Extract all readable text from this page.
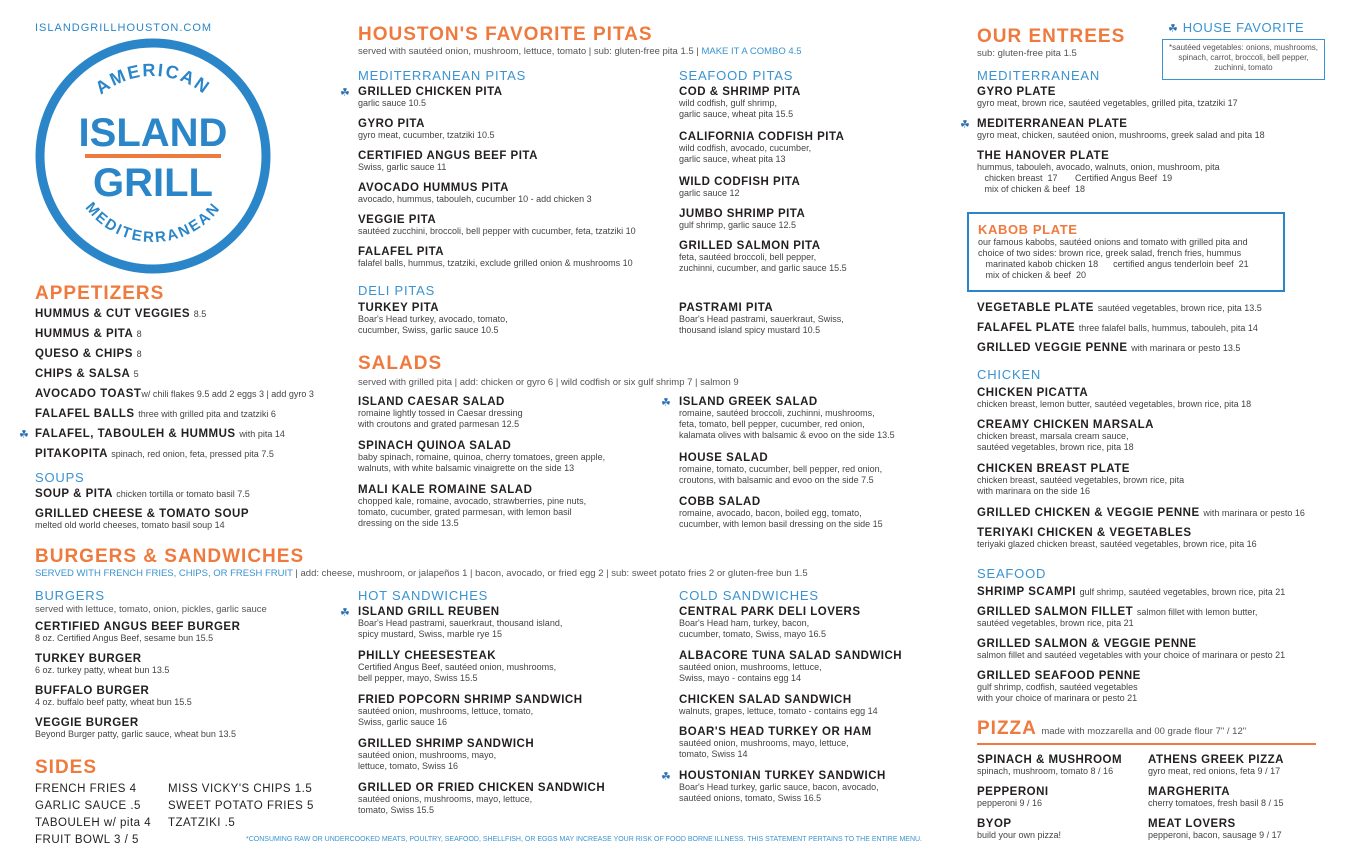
ISLANDGRILLHOUSTON.COM
AMERICAN
MEDITERRANEAN
ISLAND
GRILL
APPETIZERS
HUMMUS & CUT VEGGIES 8.5
HUMMUS & PITA 8
QUESO & CHIPS 8
CHIPS & SALSA 5
AVOCADO TOASTw/ chili flakes 9.5 add 2 eggs 3 | add gyro 3
FALAFEL BALLS three with grilled pita and tzatziki 6
FALAFEL, TABOULEH & HUMMUS with pita 14
PITAKOPITA spinach, red onion, feta, pressed pita 7.5
☘
SOUPS
SOUP & PITA chicken tortilla or tomato basil 7.5
GRILLED CHEESE & TOMATO SOUP
melted old world cheeses, tomato basil soup 14
BURGERS & SANDWICHES
SERVED WITH FRENCH FRIES, CHIPS, OR FRESH FRUIT | add: cheese, mushroom, or jalapeños 1 | bacon, avocado, or fried egg 2 | sub: sweet potato fries 2 or gluten-free bun 1.5
BURGERS
served with lettuce, tomato, onion, pickles, garlic sauce
CERTIFIED ANGUS BEEF BURGER
8 oz. Certified Angus Beef, sesame bun 15.5
TURKEY BURGER
6 oz. turkey patty, wheat bun 13.5
BUFFALO BURGER
4 oz. buffalo beef patty, wheat bun 15.5
VEGGIE BURGER
Beyond Burger patty, garlic sauce, wheat bun 13.5
SIDES
FRENCH FRIES 4
GARLIC SAUCE .5
TABOULEH w/ pita 4
FRUIT BOWL 3 / 5
MISS VICKY'S CHIPS 1.5
SWEET POTATO FRIES 5
TZATZIKI .5
HOUSTON'S FAVORITE PITAS
served with sautéed onion, mushroom, lettuce, tomato | sub: gluten-free pita 1.5 | MAKE IT A COMBO 4.5
MEDITERRANEAN PITAS
GRILLED CHICKEN PITA
garlic sauce 10.5
GYRO PITA
gyro meat, cucumber, tzatziki 10.5
CERTIFIED ANGUS BEEF PITA
Swiss, garlic sauce 11
AVOCADO HUMMUS PITA
avocado, hummus, tabouleh, cucumber 10 - add chicken 3
VEGGIE PITA
sautéed zucchini, broccoli, bell pepper with cucumber, feta, tzatziki 10
FALAFEL PITA
falafel balls, hummus, tzatziki, exclude grilled onion & mushrooms 10
☘
SEAFOOD PITAS
COD & SHRIMP PITA
wild codfish, gulf shrimp,
garlic sauce, wheat pita 15.5
CALIFORNIA CODFISH PITA
wild codfish, avocado, cucumber,
garlic sauce, wheat pita 13
WILD CODFISH PITA
garlic sauce 12
JUMBO SHRIMP PITA
gulf shrimp, garlic sauce 12.5
GRILLED SALMON PITA
feta, sautéed broccoli, bell pepper,
zuchinni, cucumber, and garlic sauce 15.5
DELI PITAS
TURKEY PITA
Boar's Head turkey, avocado, tomato,
cucumber, Swiss, garlic sauce 10.5
PASTRAMI PITA
Boar's Head pastrami, sauerkraut, Swiss,
thousand island spicy mustard 10.5
SALADS
served with grilled pita | add: chicken or gyro 6 | wild codfish or six gulf shrimp 7 | salmon 9
ISLAND CAESAR SALAD
romaine lightly tossed in Caesar dressing
with croutons and grated parmesan 12.5
SPINACH QUINOA SALAD
baby spinach, romaine, quinoa, cherry tomatoes, green apple,
walnuts, with white balsamic vinaigrette on the side 13
MALI KALE ROMAINE SALAD
chopped kale, romaine, avocado, strawberries, pine nuts,
tomato, cucumber, grated parmesan, with lemon basil
dressing on the side 13.5
ISLAND GREEK SALAD
romaine, sautéed broccoli, zuchinni, mushrooms,
feta, tomato, bell pepper, cucumber, red onion,
kalamata olives with balsamic & evoo on the side 13.5
HOUSE SALAD
romaine, tomato, cucumber, bell pepper, red onion,
croutons, with balsamic and evoo on the side 7.5
COBB SALAD
romaine, avocado, bacon, boiled egg, tomato,
cucumber, with lemon basil dressing on the side 15
☘
HOT SANDWICHES
ISLAND GRILL REUBEN
Boar's Head pastrami, sauerkraut, thousand island,
spicy mustard, Swiss, marble rye 15
PHILLY CHEESESTEAK
Certified Angus Beef, sautéed onion, mushrooms,
bell pepper, mayo, Swiss 15.5
FRIED POPCORN SHRIMP SANDWICH
sautéed onion, mushrooms, lettuce, tomato,
Swiss, garlic sauce 16
GRILLED SHRIMP SANDWICH
sautéed onion, mushrooms, mayo,
lettuce, tomato, Swiss 16
GRILLED OR FRIED CHICKEN SANDWICH
sautéed onions, mushrooms, mayo, lettuce,
tomato, Swiss 15.5
☘
COLD SANDWICHES
CENTRAL PARK DELI LOVERS
Boar's Head ham, turkey, bacon,
cucumber, tomato, Swiss, mayo 16.5
ALBACORE TUNA SALAD SANDWICH
sautéed onion, mushrooms, lettuce,
Swiss, mayo - contains egg 14
CHICKEN SALAD SANDWICH
walnuts, grapes, lettuce, tomato - contains egg 14
BOAR'S HEAD TURKEY OR HAM
sautéed onion, mushrooms, mayo, lettuce,
tomato, Swiss 14
HOUSTONIAN TURKEY SANDWICH
Boar's Head turkey, garlic sauce, bacon, avocado,
sautéed onions, tomato, Swiss 16.5
☘
*CONSUMING RAW OR UNDERCOOKED MEATS, POULTRY, SEAFOOD, SHELLFISH, OR EGGS MAY INCREASE YOUR RISK OF FOOD BORNE ILLNESS. THIS STATEMENT PERTAINS TO THE ENTIRE MENU.
OUR ENTREES
sub: gluten-free pita 1.5
☘ HOUSE FAVORITE
*sautéed vegetables: onions, mushrooms, spinach, carrot, broccoli, bell pepper, zuchinni, tomato
MEDITERRANEAN
GYRO PLATE
gyro meat, brown rice, sautéed vegetables, grilled pita, tzatziki 17
MEDITERRANEAN PLATE
gyro meat, chicken, sautéed onion, mushrooms, greek salad and pita 18
THE HANOVER PLATE
hummus, tabouleh, avocado, walnuts, onion, mushroom, pita
chicken breast  17       Certified Angus Beef  19
mix of chicken & beef  18
☘
KABOB PLATE
our famous kabobs, sautéed onions and tomato with grilled pita and
choice of two sides: brown rice, greek salad, french fries, hummus
marinated kabob chicken 18      certified angus tenderloin beef  21
mix of chicken & beef  20
VEGETABLE PLATE sautéed vegetables, brown rice, pita 13.5
FALAFEL PLATE three falafel balls, hummus, tabouleh, pita 14
GRILLED VEGGIE PENNE with marinara or pesto 13.5
CHICKEN
CHICKEN PICATTA
chicken breast, lemon butter, sautéed vegetables, brown rice, pita 18
CREAMY CHICKEN MARSALA
chicken breast, marsala cream sauce,
sautéed vegetables, brown rice, pita 18
CHICKEN BREAST PLATE
chicken breast, sautéed vegetables, brown rice, pita
with marinara on the side 16
GRILLED CHICKEN & VEGGIE PENNE with marinara or pesto 16
TERIYAKI CHICKEN & VEGETABLES
teriyaki glazed chicken breast, sautéed vegetables, brown rice, pita 16
SEAFOOD
SHRIMP SCAMPI gulf shrimp, sautéed vegetables, brown rice, pita 21
GRILLED SALMON FILLET salmon fillet with lemon butter,
sautéed vegetables, brown rice, pita 21
GRILLED SALMON & VEGGIE PENNE
salmon fillet and sautéed vegetables with your choice of marinara or pesto 21
GRILLED SEAFOOD PENNE
gulf shrimp, codfish, sautéed vegetables
with your choice of marinara or pesto 21
PIZZA made with mozzarella and 00 grade flour 7" / 12"
SPINACH & MUSHROOM
spinach, mushroom, tomato 8 / 16
PEPPERONI
pepperoni 9 / 16
BYOP
build your own pizza!
ATHENS GREEK PIZZA
gyro meat, red onions, feta 9 / 17
MARGHERITA
cherry tomatoes, fresh basil 8 / 15
MEAT LOVERS
pepperoni, bacon, sausage 9 / 17
